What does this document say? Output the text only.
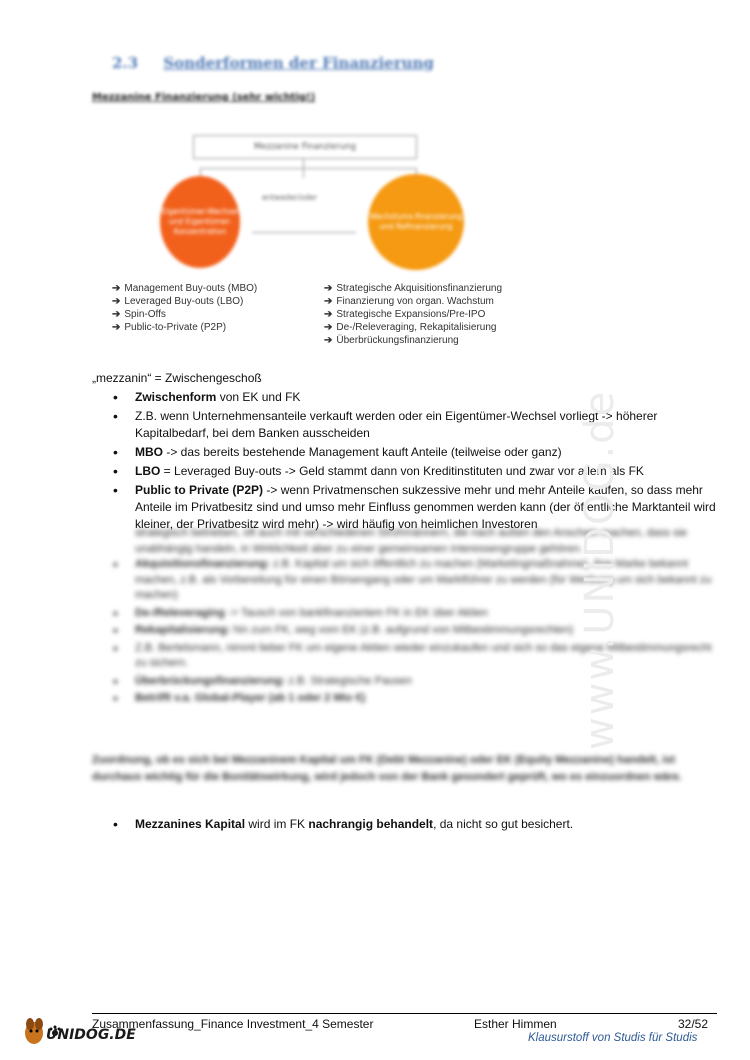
2.3 Sonderformen der Finanzierung
Mezzanine Finanzierung (sehr wichtig!)
Mezzanine Finanzierung
Eigentümer-Wechsel und Eigentümer-Konzentration
Wachstums-finanzierung und Refinanzierung
entweder/oder
➔ Management Buy-outs (MBO)
➔ Leveraged Buy-outs (LBO)
➔ Spin-Offs
➔ Public-to-Private (P2P)
➔ Strategische Akquisitionsfinanzierung
➔ Finanzierung von organ. Wachstum
➔ Strategische Expansions/Pre-IPO
➔ De-/Releveraging, Rekapitalisierung
➔ Überbrückungsfinanzierung
„mezzanin“ = Zwischengeschoß
• Zwischenform von EK und FK
• Z.B. wenn Unternehmensanteile verkauft werden oder ein Eigentümer-Wechsel vorliegt -> höherer Kapitalbedarf, bei dem Banken ausscheiden
• MBO -> das bereits bestehende Management kauft Anteile (teilweise oder ganz)
• LBO = Leveraged Buy-outs -> Geld stammt dann von Kreditinstituten und zwar vor allem als FK
• Public to Private (P2P) -> wenn Privatmenschen sukzessive mehr und mehr Anteile kaufen, so dass mehr Anteile im Privatbesitz sind und umso mehr Einfluss genommen werden kann (der öffentliche Marktanteil wird kleiner, der Privatbesitz wird mehr) -> wird häufig von heimlichen Investoren
strategisch betrieben, oft auch mit verschiedenen Strohmännern, die nach außen den Anschein machen, dass sie unabhängig handeln, in Wirklichkeit aber zu einer gemeinsamen Interessengruppe gehören.
• Akquisitionsfinanzierung: z.B. Kapital um sich öffentlich zu machen (Marketingmaßnahme), ihre Marke bekannt machen, z.B. als Vorbereitung für einen Börsengang oder um Marktführer zu werden (für Werbung um sich bekannt zu machen)
• De-/Releveraging -> Tausch von bankfinanziertem FK in EK über Aktien
• Rekapitalisierung: hin zum FK, weg vom EK (z.B. aufgrund von Mitbestimmungsrechten)
• Z.B. Bertelsmann, nimmt lieber FK um eigene Aktien wieder einzukaufen und sich so das eigene Mitbestimmungsrecht zu sichern.
• Überbrückungsfinanzierung: z.B. Strategische Pausen
• Betrifft v.a. Global-Player (ab 1 oder 2 Mio €)
Zuordnung, ob es sich bei Mezzaninem Kapital um FK (Debt Mezzanine) oder EK (Equity Mezzanine) handelt, ist durchaus wichtig für die Bonitätswirkung, wird jedoch von der Bank gesondert geprüft, wo es einzuordnen wäre.
• Mezzanines Kapital wird im FK nachrangig behandelt, da nicht so gut besichert.
www.UNIDOG.de
UNIDOG.DE
Zusammenfassung_Finance Investment_4 Semester	Esther Himmen	32/52
Klausurstoff von Studis für Studis
